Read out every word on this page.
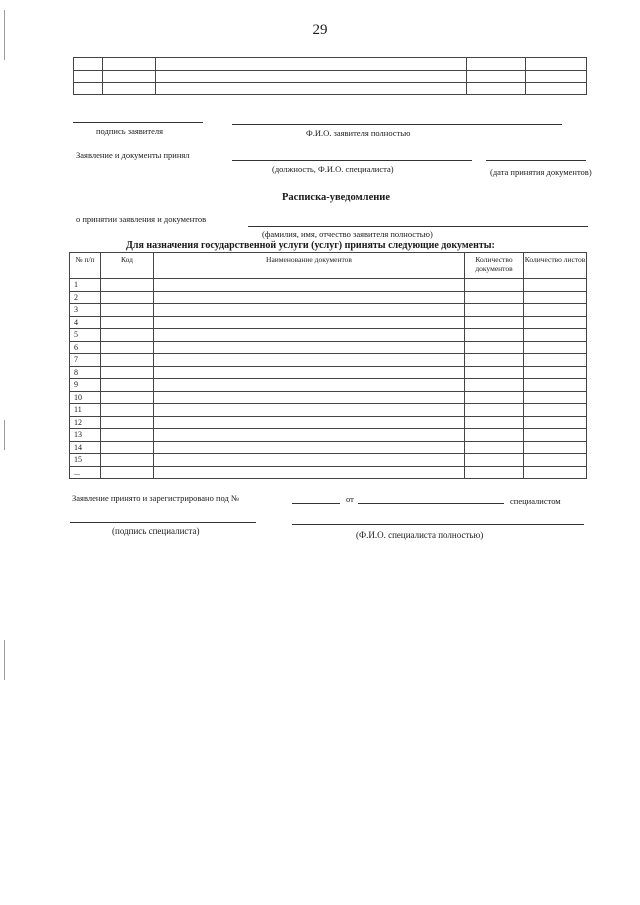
29

подпись заявителя	Ф.И.О. заявителя полностью
Заявление и документы принял
(должность, Ф.И.О. специалиста)	(дата принятия документов)
Расписка-уведомление
о принятии заявления и документов
(фамилия, имя, отчество заявителя полностью)
Для назначения государственной услуги (услуг) приняты следующие документы:
№ п/п	Код	Наименование документов	Количество документов	Количество листов
1				
2				
3				
4				
5				
6				
7				
8				
9				
10				
11				
12				
13				
14				
15				
...				
Заявление принято и зарегистрировано под №	от	специалистом
(подпись специалиста)	(Ф.И.О. специалиста полностью)
